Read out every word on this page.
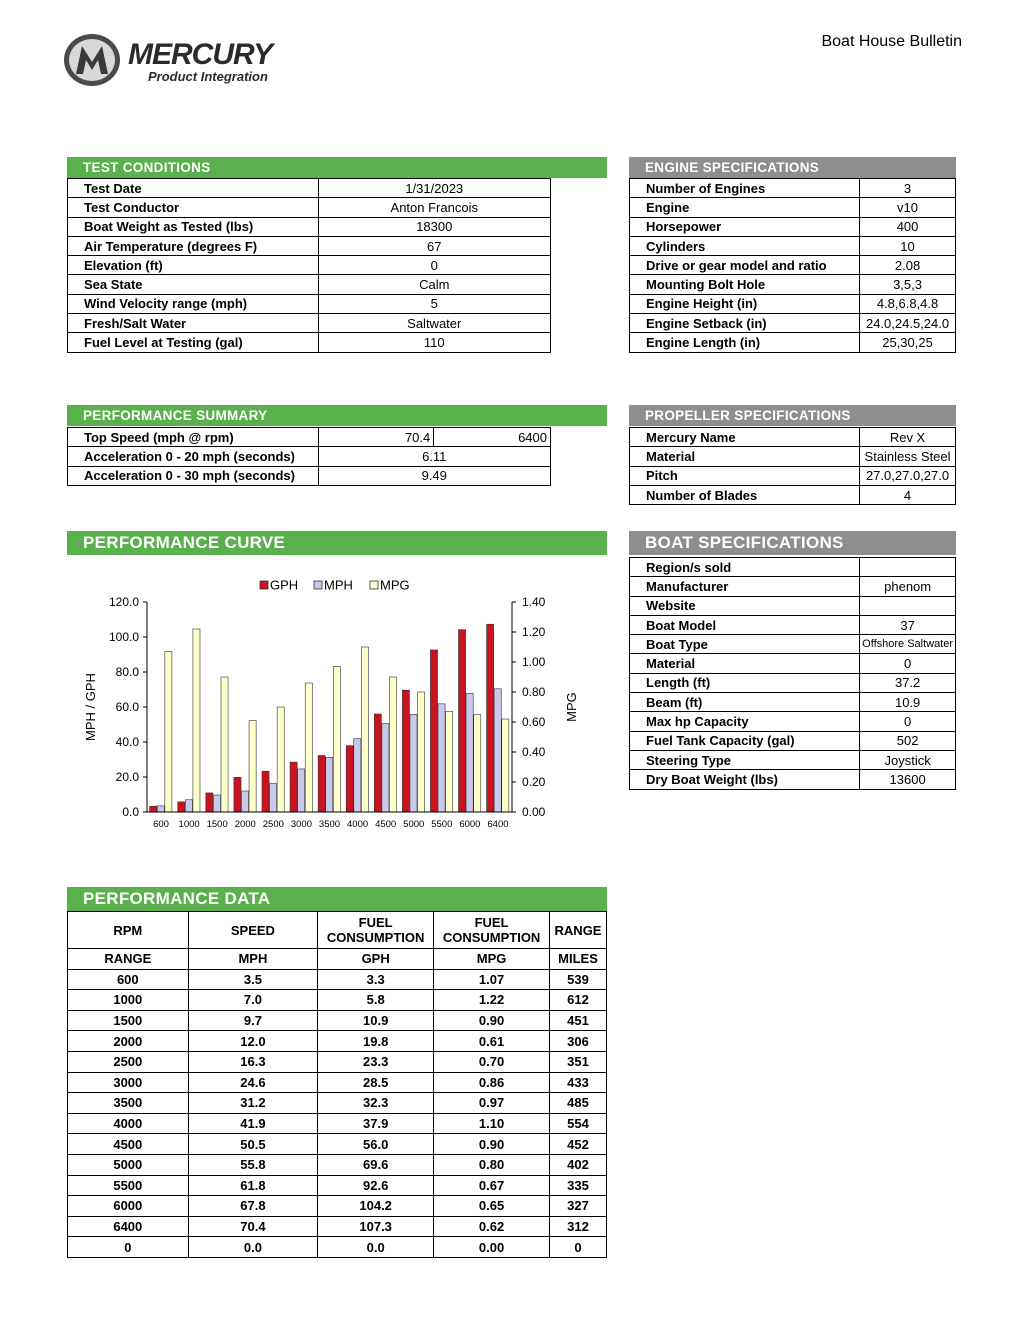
MERCURY
Product Integration
Boat House Bulletin
TEST CONDITIONS
Test Date	1/31/2023
Test Conductor	Anton Francois
Boat Weight as Tested (lbs)	18300
Air Temperature (degrees F)	67
Elevation (ft)	0
Sea State	Calm
Wind Velocity range (mph)	5
Fresh/Salt Water	Saltwater
Fuel Level at Testing (gal)	110
ENGINE SPECIFICATIONS
Number of Engines	3
Engine	v10
Horsepower	400
Cylinders	10
Drive or gear model and ratio	2.08
Mounting Bolt Hole	3,5,3
Engine Height (in)	4.8,6.8,4.8
Engine Setback (in)	24.0,24.5,24.0
Engine Length (in)	25,30,25
PERFORMANCE SUMMARY
Top Speed (mph @ rpm)	70.4	6400
Acceleration 0 - 20 mph (seconds)	6.11	
Acceleration 0 - 30 mph (seconds)	9.49	
PROPELLER SPECIFICATIONS
Mercury Name	Rev X
Material	Stainless Steel
Pitch	27.0,27.0,27.0
Number of Blades	4
PERFORMANCE CURVE
0.0
20.0
40.0
60.0
80.0
100.0
120.0
0.00
0.20
0.40
0.60
0.80
1.00
1.20
1.40
600 1000 1500 2000 2500 3000 3500 4000 4500 5000 5500 6000 6400
MPH / GPH	MPG
GPH MPH MPG
BOAT SPECIFICATIONS
Region/s sold	
Manufacturer	phenom
Website	
Boat Model	37
Boat Type	Offshore Saltwater
Material	0
Length (ft)	37.2
Beam (ft)	10.9
Max hp Capacity	0
Fuel Tank Capacity (gal)	502
Steering Type	Joystick
Dry Boat Weight (lbs)	13600
PERFORMANCE DATA
RPM	SPEED	FUEL CONSUMPTION	FUEL CONSUMPTION	RANGE
RANGE	MPH	GPH	MPG	MILES
600	3.5	3.3	1.07	539
1000	7.0	5.8	1.22	612
1500	9.7	10.9	0.90	451
2000	12.0	19.8	0.61	306
2500	16.3	23.3	0.70	351
3000	24.6	28.5	0.86	433
3500	31.2	32.3	0.97	485
4000	41.9	37.9	1.10	554
4500	50.5	56.0	0.90	452
5000	55.8	69.6	0.80	402
5500	61.8	92.6	0.67	335
6000	67.8	104.2	0.65	327
6400	70.4	107.3	0.62	312
0	0.0	0.0	0.00	0
